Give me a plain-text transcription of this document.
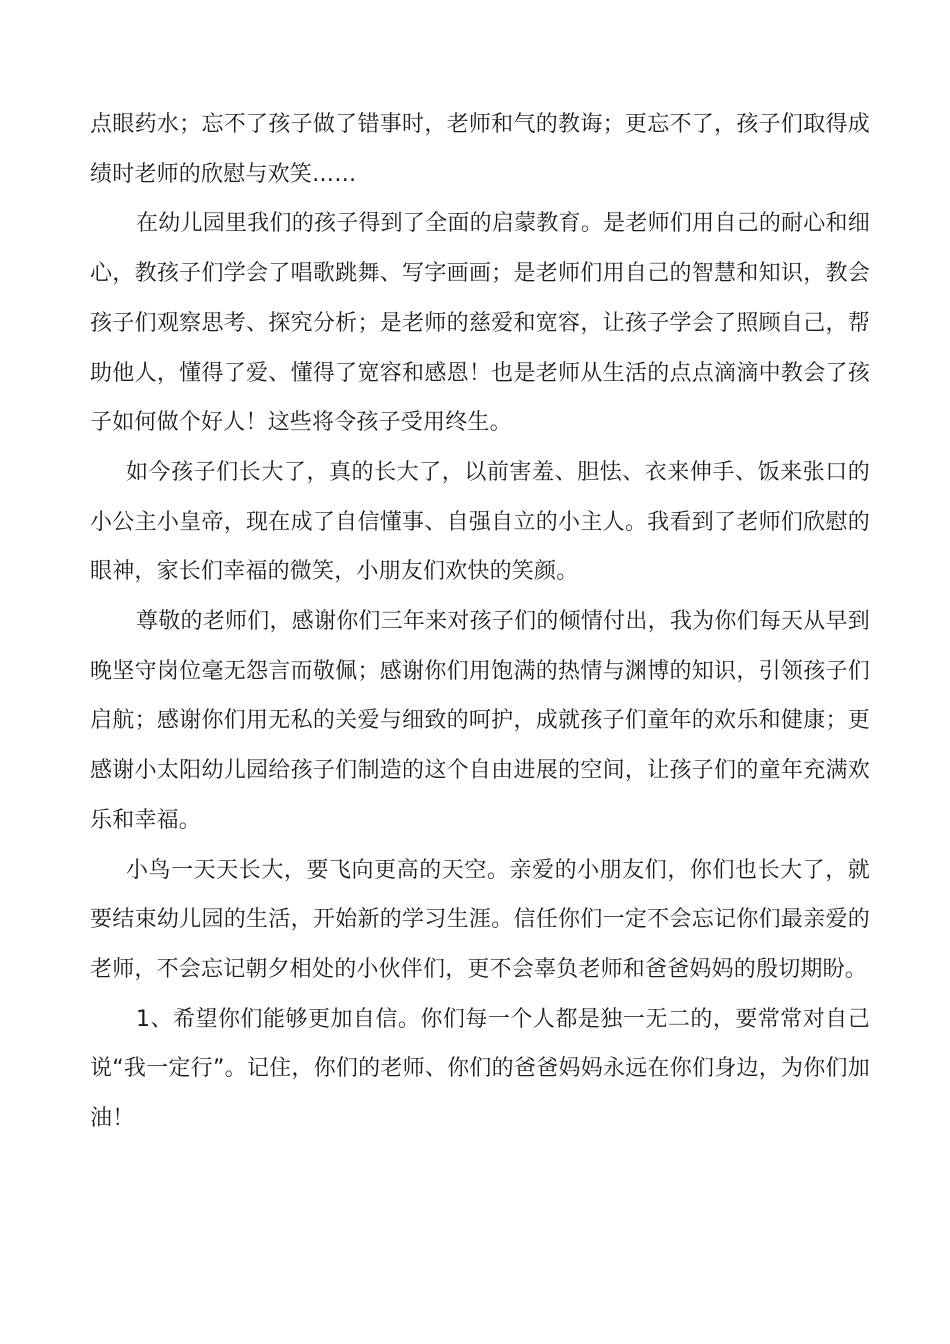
点眼药水；忘不了孩子做了错事时，老师和气的教诲；更忘不了，孩子们取得成绩时老师的欣慰与欢笑……

在幼儿园里我们的孩子得到了全面的启蒙教育。是老师们用自己的耐心和细心，教孩子们学会了唱歌跳舞、写字画画；是老师们用自己的智慧和知识，教会孩子们观察思考、探究分析；是老师的慈爱和宽容，让孩子学会了照顾自己，帮助他人，懂得了爱、懂得了宽容和感恩！也是老师从生活的点点滴滴中教会了孩子如何做个好人！这些将令孩子受用终生。

如今孩子们长大了，真的长大了，以前害羞、胆怯、衣来伸手、饭来张口的小公主小皇帝，现在成了自信懂事、自强自立的小主人。我看到了老师们欣慰的眼神，家长们幸福的微笑，小朋友们欢快的笑颜。

尊敬的老师们，感谢你们三年来对孩子们的倾情付出，我为你们每天从早到晚坚守岗位毫无怨言而敬佩；感谢你们用饱满的热情与渊博的知识，引领孩子们启航；感谢你们用无私的关爱与细致的呵护，成就孩子们童年的欢乐和健康；更感谢小太阳幼儿园给孩子们制造的这个自由进展的空间，让孩子们的童年充满欢乐和幸福。

小鸟一天天长大，要飞向更高的天空。亲爱的小朋友们，你们也长大了，就要结束幼儿园的生活，开始新的学习生涯。信任你们一定不会忘记你们最亲爱的老师，不会忘记朝夕相处的小伙伴们，更不会辜负老师和爸爸妈妈的殷切期盼。

1、希望你们能够更加自信。你们每一个人都是独一无二的，要常常对自己说“我一定行”。记住，你们的老师、你们的爸爸妈妈永远在你们身边，为你们加油！
